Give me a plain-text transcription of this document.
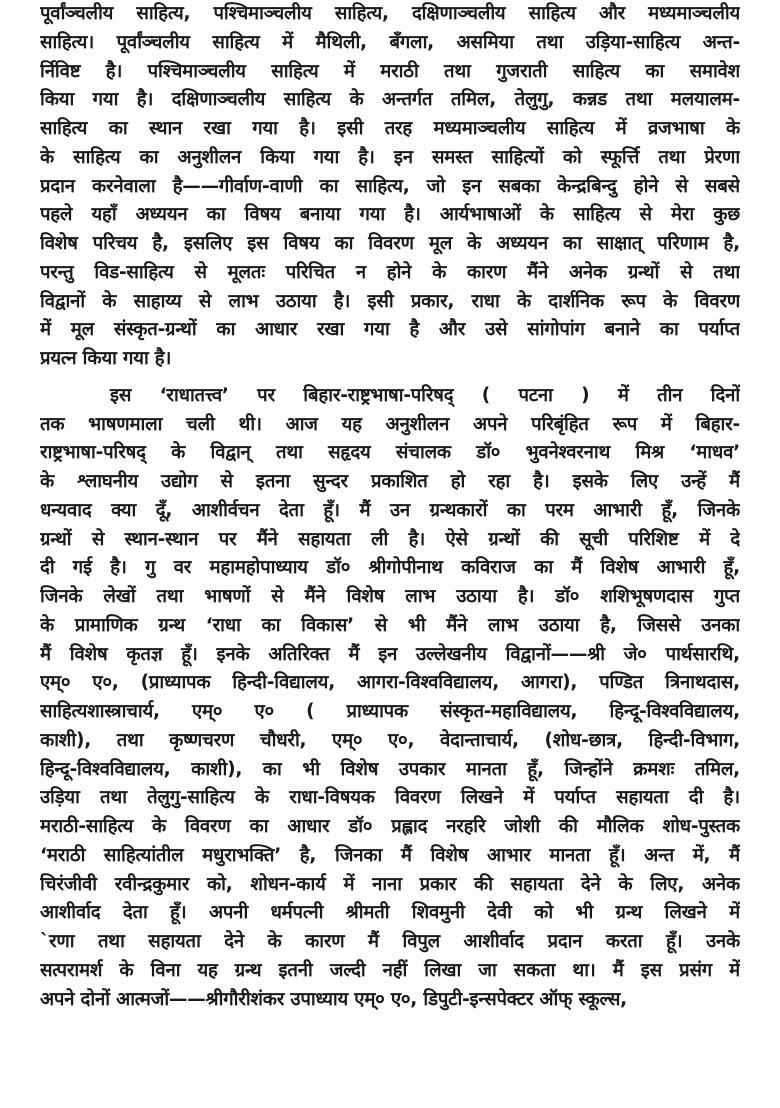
पूर्वांञ्चलीय साहित्य, पश्चिमाञ्चलीय साहित्य, दक्षिणाञ्चलीय साहित्य और मध्यमाञ्चलीय
साहित्य। पूर्वांञ्चलीय साहित्य में मैथिली, बँगला, असमिया तथा उड़िया-साहित्य अन्त-
र्निविष्ट है। पश्चिमाञ्चलीय साहित्य में मराठी तथा गुजराती साहित्य का समावेश
किया गया है। दक्षिणाञ्चलीय साहित्य के अन्तर्गत तमिल, तेलुगु, कन्नड तथा मलयालम-
साहित्य का स्थान रखा गया है। इसी तरह मध्यमाञ्चलीय साहित्य में व्रजभाषा के
के साहित्य का अनुशीलन किया गया है। इन समस्त साहित्यों को स्फूर्त्ति तथा प्रेरणा
प्रदान करनेवाला है——गीर्वाण-वाणी का साहित्य, जो इन सबका केन्द्रबिन्दु होने से सबसे
पहले यहाँ अध्ययन का विषय बनाया गया है। आर्यभाषाओं के साहित्य से मेरा कुछ
विशेष परिचय है, इसलिए इस विषय का विवरण मूल के अध्ययन का साक्षात् परिणाम है,
परन्तु विड-साहित्य से मूलतः परिचित न होने के कारण मैंने अनेक ग्रन्थों से तथा
विद्वानों के साहाय्य से लाभ उठाया है। इसी प्रकार, राधा के दार्शनिक रूप के विवरण
में मूल संस्कृत-ग्रन्थों का आधार रखा गया है और उसे सांगोपांग बनाने का पर्याप्त
प्रयत्न किया गया है।
इस ‘राधातत्त्व’ पर बिहार-राष्ट्रभाषा-परिषद् ( पटना ) में तीन दिनों
तक भाषणमाला चली थी। आज यह अनुशीलन अपने परिबृंहित रूप में बिहार-
राष्ट्रभाषा-परिषद् के विद्वान् तथा सहृदय संचालक डॉ० भुवनेश्वरनाथ मिश्र ‘माधव’
के श्लाघनीय उद्योग से इतना सुन्दर प्रकाशित हो रहा है। इसके लिए उन्हें मैं
धन्यवाद क्या दूँ, आशीर्वचन देता हूँ। मैं उन ग्रन्थकारों का परम आभारी हूँ, जिनके
ग्रन्थों से स्थान-स्थान पर मैंने सहायता ली है। ऐसे ग्रन्थों की सूची परिशिष्ट में दे
दी गई है। गु वर महामहोपाध्याय डॉ० श्रीगोपीनाथ कविराज का मैं विशेष आभारी हूँ,
जिनके लेखों तथा भाषणों से मैंने विशेष लाभ उठाया है। डॉ० शशिभूषणदास गुप्त
के प्रामाणिक ग्रन्थ ‘राधा का विकास’ से भी मैंने लाभ उठाया है, जिससे उनका
मैं विशेष कृतज्ञ हूँ। इनके अतिरिक्त मैं इन उल्लेखनीय विद्वानों——श्री जे० पार्थसारथि,
एम्० ए०, (प्राध्यापक हिन्दी-विद्यालय, आगरा-विश्वविद्यालय, आगरा), पण्डित त्रिनाथदास,
साहित्यशास्त्राचार्य, एम्० ए० ( प्राध्यापक संस्कृत-महाविद्यालय, हिन्दू-विश्वविद्यालय,
काशी), तथा कृष्णचरण चौधरी, एम्० ए०, वेदान्ताचार्य, (शोध-छात्र, हिन्दी-विभाग,
हिन्दू-विश्वविद्यालय, काशी), का भी विशेष उपकार मानता हूँ, जिन्होंने क्रमशः तमिल,
उड़िया तथा तेलुगु-साहित्य के राधा-विषयक विवरण लिखने में पर्याप्त सहायता दी है।
मराठी-साहित्य के विवरण का आधार डॉ० प्रह्लाद नरहरि जोशी की मौलिक शोध-पुस्तक
‘मराठी साहित्यांतील मधुराभक्ति’ है, जिनका मैं विशेष आभार मानता हूँ। अन्त में, मैं
चिरंजीवी रवीन्द्रकुमार को, शोधन-कार्य में नाना प्रकार की सहायता देने के लिए, अनेक
आशीर्वाद देता हूँ। अपनी धर्मपत्नी श्रीमती शिवमुनी देवी को भी ग्रन्थ लिखने में
`रणा तथा सहायता देने के कारण मैं विपुल आशीर्वाद प्रदान करता हूँ। उनके
सत्परामर्श के विना यह ग्रन्थ इतनी जल्दी नहीं लिखा जा सकता था। मैं इस प्रसंग में
अपने दोनों आत्मजों——श्रीगौरीशंकर उपाध्याय एम्० ए०, डिपुटी-इन्सपेक्टर ऑफ् स्कूल्स,
